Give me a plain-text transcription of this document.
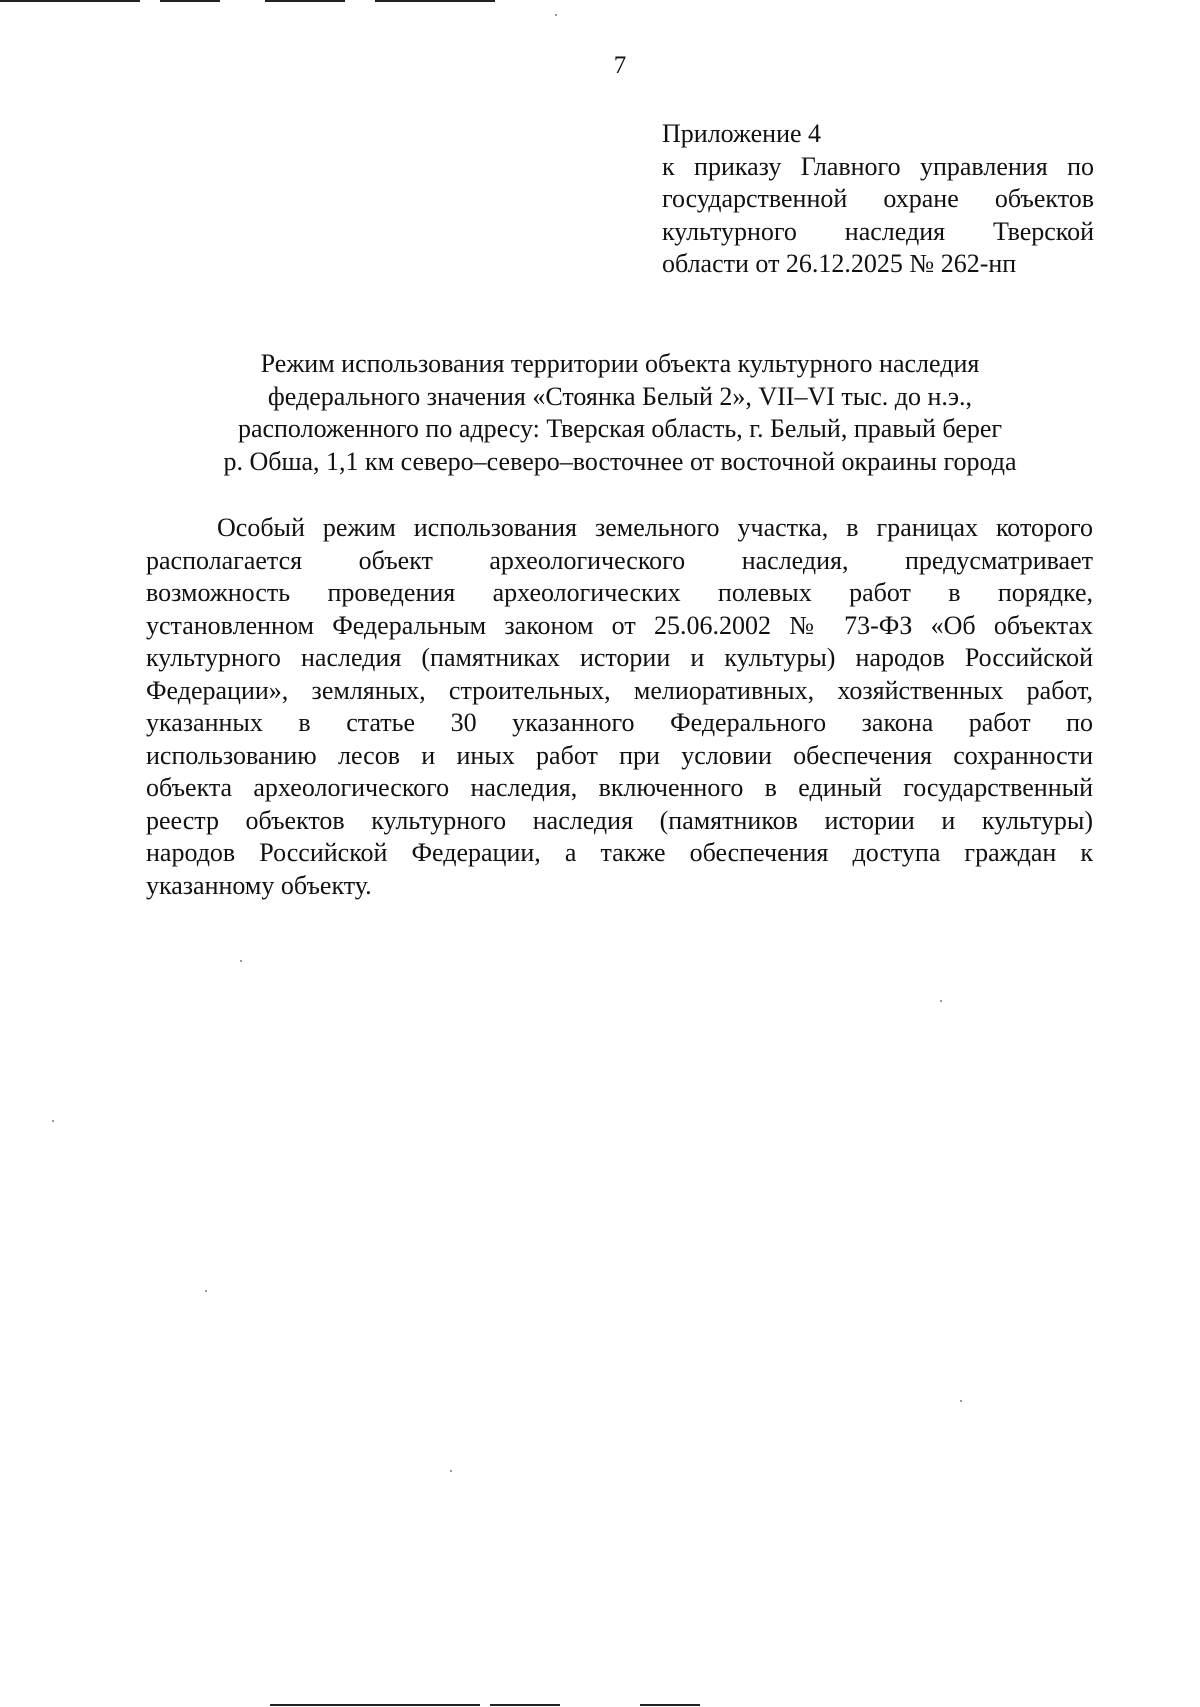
7
Приложение 4
к приказу Главного управления по
государственной охране объектов
культурного наследия Тверской
области от 26.12.2025 № 262-нп
Режим использования территории объекта культурного наследия
федерального значения «Стоянка Белый 2», VII–VI тыс. до н.э.,
расположенного по адресу: Тверская область, г. Белый, правый берег
р. Обша, 1,1 км северо–северо–восточнее от восточной окраины города
Особый режим использования земельного участка, в границах которого
располагается объект археологического наследия, предусматривает
возможность проведения археологических полевых работ в порядке,
установленном Федеральным законом от 25.06.2002 № 73-ФЗ «Об объектах
культурного наследия (памятниках истории и культуры) народов Российской
Федерации», земляных, строительных, мелиоративных, хозяйственных работ,
указанных в статье 30 указанного Федерального закона работ по
использованию лесов и иных работ при условии обеспечения сохранности
объекта археологического наследия, включенного в единый государственный
реестр объектов культурного наследия (памятников истории и культуры)
народов Российской Федерации, а также обеспечения доступа граждан к
указанному объекту.
